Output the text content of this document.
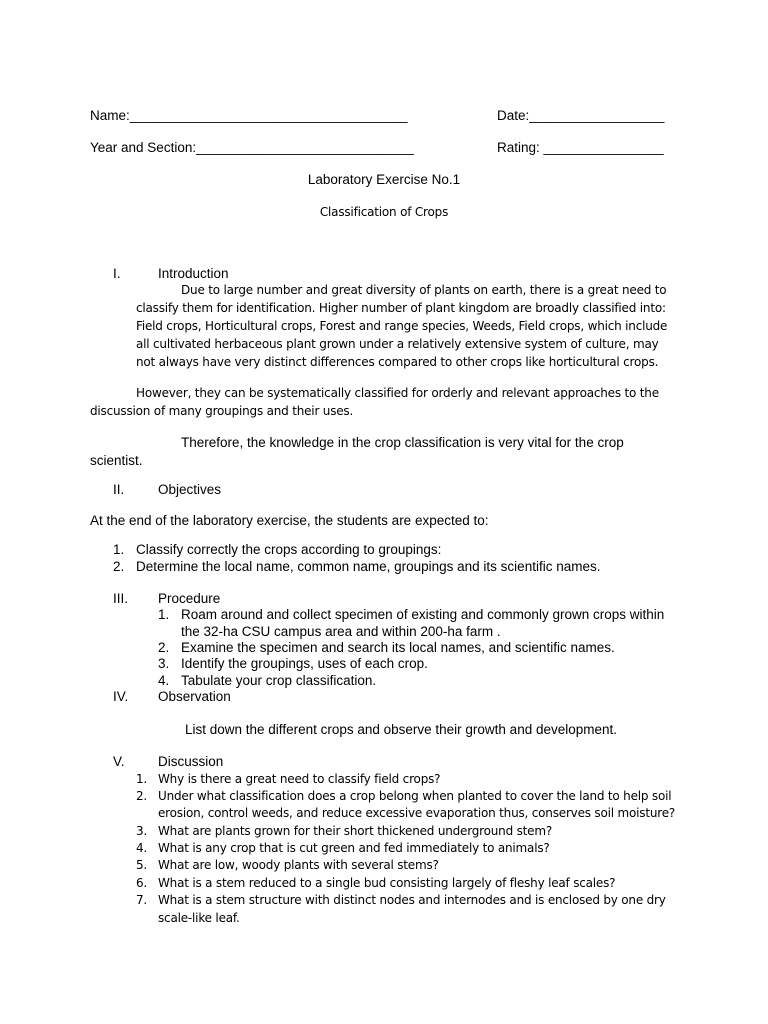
Name:_____________________________________	Date:__________________
Year and Section:_____________________________	Rating: ________________
Laboratory Exercise No.1
Classification of Crops
I.	Introduction
Due to large number and great diversity of plants on earth, there is a great need to classify them for identification. Higher number of plant kingdom are broadly classified into: Field crops, Horticultural crops, Forest and range species, Weeds, Field crops, which include all cultivated herbaceous plant grown under a relatively extensive system of culture, may not always have very distinct differences compared to other crops like horticultural crops.
However, they can be systematically classified for orderly and relevant approaches to the discussion of many groupings and their uses.
Therefore, the knowledge in the crop classification is very vital for the crop scientist.
II. Objectives
At the end of the laboratory exercise, the students are expected to:
1. Classify correctly the crops according to groupings:
2. Determine the local name, common name, groupings and its scientific names.
III. Procedure
1. Roam around and collect specimen of existing and commonly grown crops within
the 32-ha CSU campus area and within 200-ha farm .
2. Examine the specimen and search its local names, and scientific names.
3. Identify the groupings, uses of each crop.
4. Tabulate your crop classification.
IV. Observation
List down the different crops and observe their growth and development.
V. Discussion
1. Why is there a great need to classify field crops?
2. Under what classification does a crop belong when planted to cover the land to help soil
erosion, control weeds, and reduce excessive evaporation thus, conserves soil moisture?
3. What are plants grown for their short thickened underground stem?
4. What is any crop that is cut green and fed immediately to animals?
5. What are low, woody plants with several stems?
6. What is a stem reduced to a single bud consisting largely of fleshy leaf scales?
7. What is a stem structure with distinct nodes and internodes and is enclosed by one dry
scale-like leaf.
